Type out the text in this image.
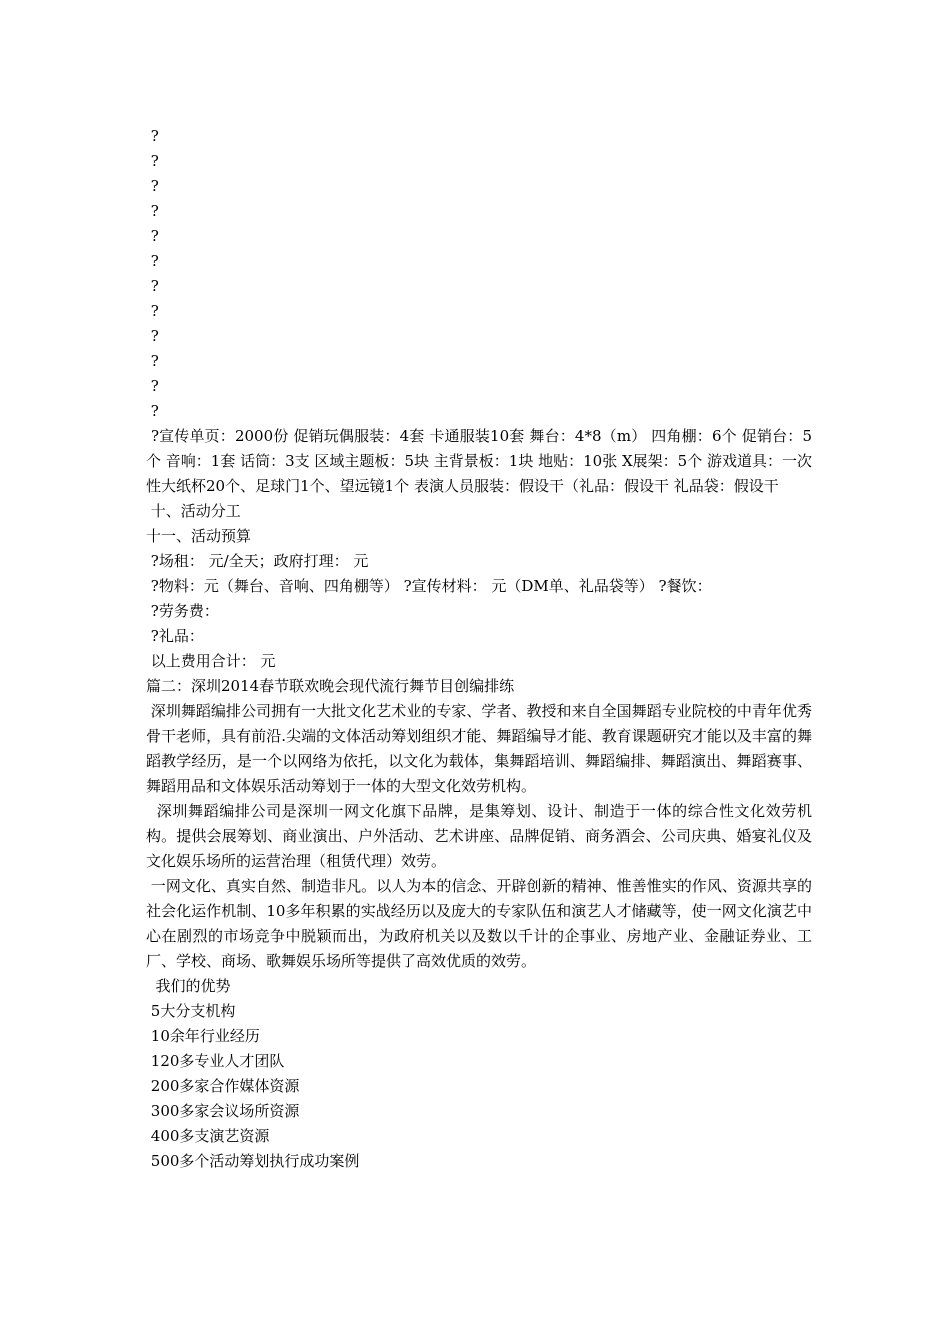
?

?

?

?

?

?

?

?

?

?

?

?

?宣传单页：2000份 促销玩偶服装：4套 卡通服装10套 舞台：4*8（m） 四角棚：6个 促销台：5个 音响：1套 话筒：3支 区域主题板：5块 主背景板：1块 地贴：10张 X展架：5个 游戏道具：一次性大纸杯20个、足球门1个、望远镜1个 表演人员服装：假设干（礼品：假设干 礼品袋：假设干

十、活动分工

十一、活动预算

?场租： 元/全天；政府打理： 元

?物料：元（舞台、音响、四角棚等） ?宣传材料： 元（DM单、礼品袋等） ?餐饮：

?劳务费：

?礼品：

以上费用合计： 元

篇二：深圳2014春节联欢晚会现代流行舞节目创编排练

深圳舞蹈编排公司拥有一大批文化艺术业的专家、学者、教授和来自全国舞蹈专业院校的中青年优秀骨干老师，具有前沿.尖端的文体活动筹划组织才能、舞蹈编导才能、教育课题研究才能以及丰富的舞蹈教学经历，是一个以网络为依托，以文化为载体，集舞蹈培训、舞蹈编排、舞蹈演出、舞蹈赛事、舞蹈用品和文体娱乐活动筹划于一体的大型文化效劳机构。

深圳舞蹈编排公司是深圳一网文化旗下品牌，是集筹划、设计、制造于一体的综合性文化效劳机构。提供会展筹划、商业演出、户外活动、艺术讲座、品牌促销、商务酒会、公司庆典、婚宴礼仪及文化娱乐场所的运营治理（租赁代理）效劳。

一网文化、真实自然、制造非凡。以人为本的信念、开辟创新的精神、惟善惟实的作风、资源共享的社会化运作机制、10多年积累的实战经历以及庞大的专家队伍和演艺人才储藏等，使一网文化演艺中心在剧烈的市场竞争中脱颖而出，为政府机关以及数以千计的企事业、房地产业、金融证券业、工厂、学校、商场、歌舞娱乐场所等提供了高效优质的效劳。

我们的优势

5大分支机构

10余年行业经历

120多专业人才团队

200多家合作媒体资源

300多家会议场所资源

400多支演艺资源

500多个活动筹划执行成功案例
